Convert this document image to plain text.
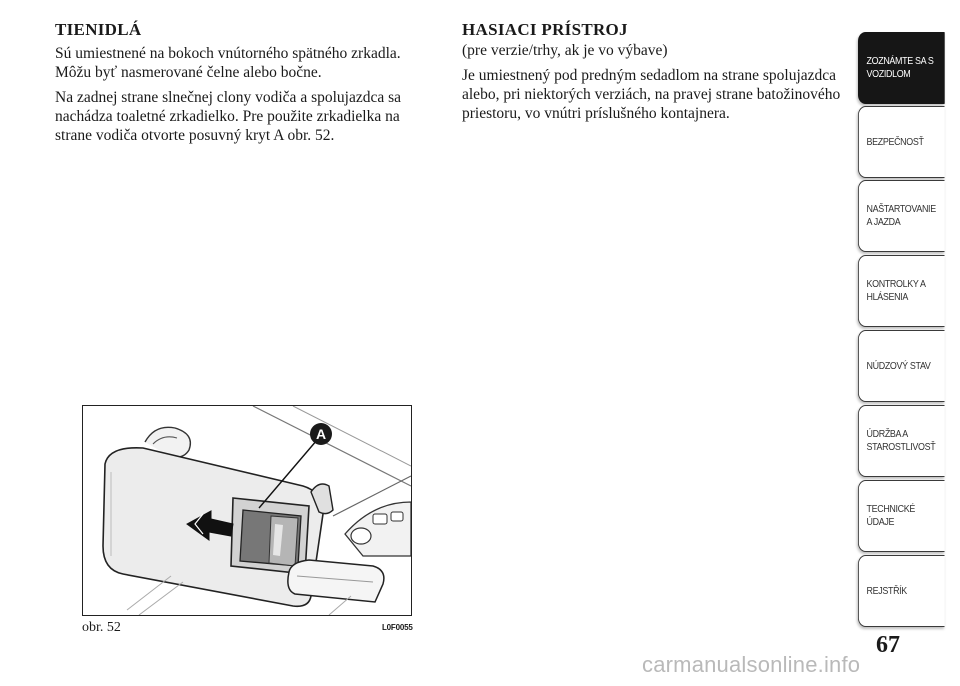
TIENIDLÁ

Sú umiestnené na bokoch vnútorného spätného zrkadla. Môžu byť nasmerované čelne alebo bočne.

Na zadnej strane slnečnej clony vodiča a spolujazdca sa nachádza toaletné zrkadielko. Pre použite zrkadielka na strane vodiča otvorte posuvný kryt A obr. 52.

HASIACI PRÍSTROJ
(pre verzie/trhy, ak je vo výbave)

Je umiestnený pod predným sedadlom na strane spolujazdca alebo, pri niektorých verziách, na pravej strane batožinového priestoru, vo vnútri príslušného kontajnera.

A
obr. 52	L0F0055
ZOZNÁMTE SA S
VOZIDLOM
BEZPEČNOSŤ
NAŠTARTOVANIE
A JAZDA
KONTROLKY A
HLÁSENIA
NÚDZOVÝ STAV
ÚDRŽBA A
STAROSTLIVOSŤ
TECHNICKÉ
ÚDAJE
REJSTŘÍK
67
carmanualsonline.info
